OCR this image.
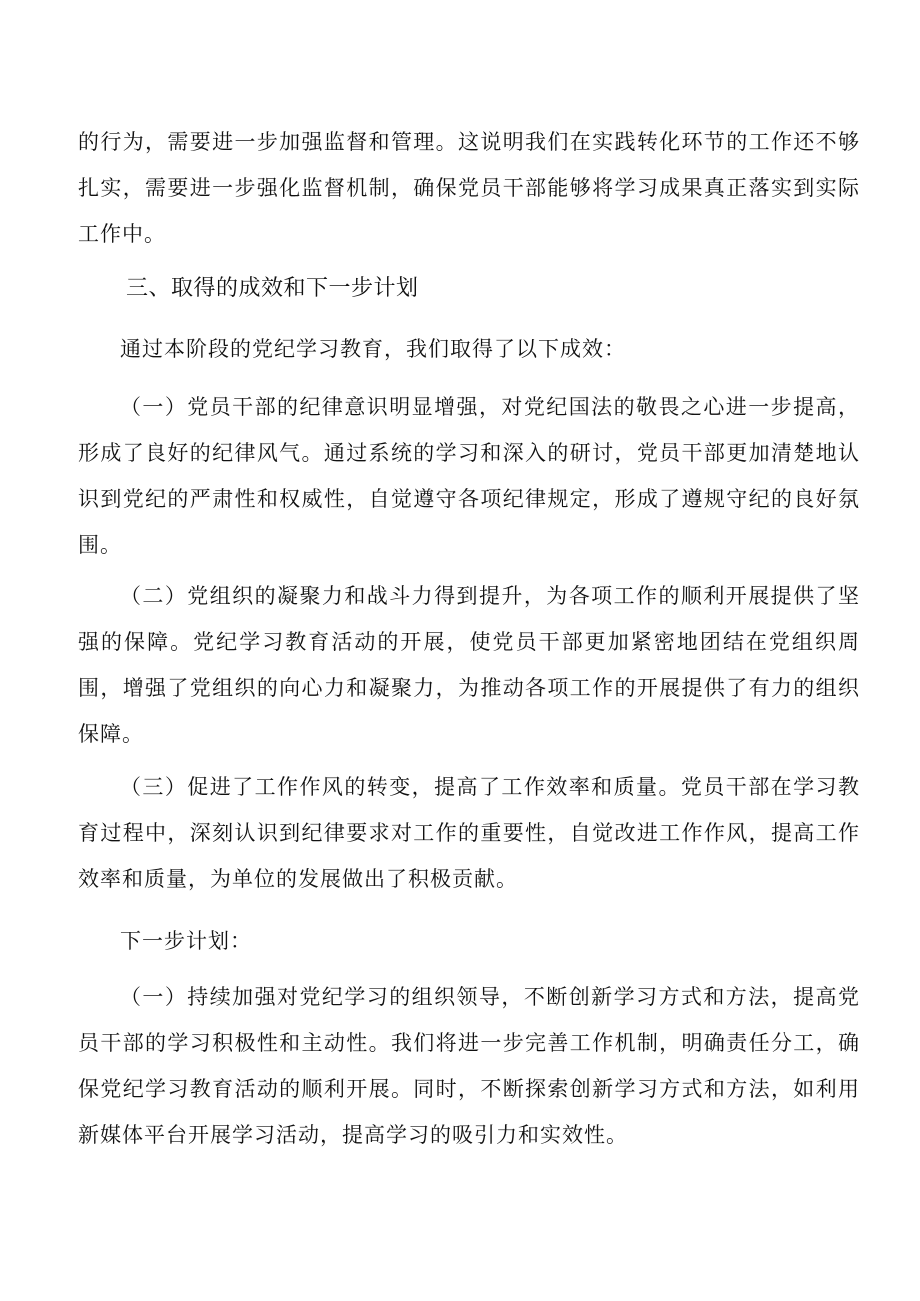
的行为，需要进一步加强监督和管理。这说明我们在实践转化环节的工作还不够扎实，需要进一步强化监督机制，确保党员干部能够将学习成果真正落实到实际工作中。

三、取得的成效和下一步计划

通过本阶段的党纪学习教育，我们取得了以下成效：

（一）党员干部的纪律意识明显增强，对党纪国法的敬畏之心进一步提高，形成了良好的纪律风气。通过系统的学习和深入的研讨，党员干部更加清楚地认识到党纪的严肃性和权威性，自觉遵守各项纪律规定，形成了遵规守纪的良好氛围。

（二）党组织的凝聚力和战斗力得到提升，为各项工作的顺利开展提供了坚强的保障。党纪学习教育活动的开展，使党员干部更加紧密地团结在党组织周围，增强了党组织的向心力和凝聚力，为推动各项工作的开展提供了有力的组织保障。

（三）促进了工作作风的转变，提高了工作效率和质量。党员干部在学习教育过程中，深刻认识到纪律要求对工作的重要性，自觉改进工作作风，提高工作效率和质量，为单位的发展做出了积极贡献。

下一步计划：

（一）持续加强对党纪学习的组织领导，不断创新学习方式和方法，提高党员干部的学习积极性和主动性。我们将进一步完善工作机制，明确责任分工，确保党纪学习教育活动的顺利开展。同时，不断探索创新学习方式和方法，如利用新媒体平台开展学习活动，提高学习的吸引力和实效性。
